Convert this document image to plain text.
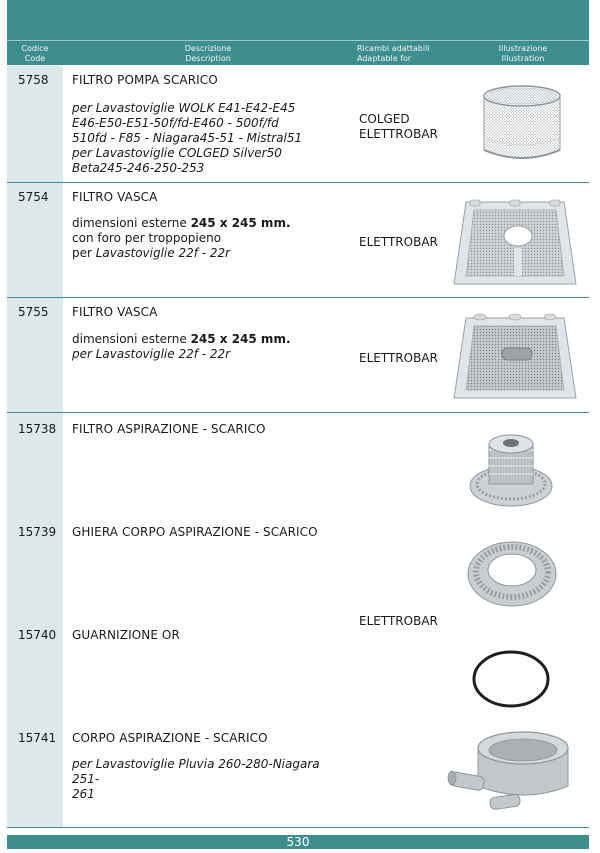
Codice
Code
Descrizione
Description
Ricambi adattabili
Adaptable for
Illustrazione
Illustration
5758 FILTRO POMPA SCARICO
per Lavastoviglie WOLK E41-E42-E45
E46-E50-E51-50f/fd-E460 - 500f/fd
510fd - F85 - Niagara45-51 - Mistral51
per Lavastoviglie COLGED Silver50
Beta245-246-250-253
COLGED
ELETTROBAR
5754 FILTRO VASCA
dimensioni esterne 245 x 245 mm.
con foro per troppopieno
per Lavastoviglie 22f - 22r
ELETTROBAR
5755 FILTRO VASCA
dimensioni esterne 245 x 245 mm.
per Lavastoviglie 22f - 22r	ELETTROBAR
15738 FILTRO ASPIRAZIONE - SCARICO
15739 GHIERA CORPO ASPIRAZIONE - SCARICO
15740 GUARNIZIONE OR
ELETTROBAR
15741 CORPO ASPIRAZIONE - SCARICO
per Lavastoviglie Pluvia 260-280-Niagara 251-
261
530
